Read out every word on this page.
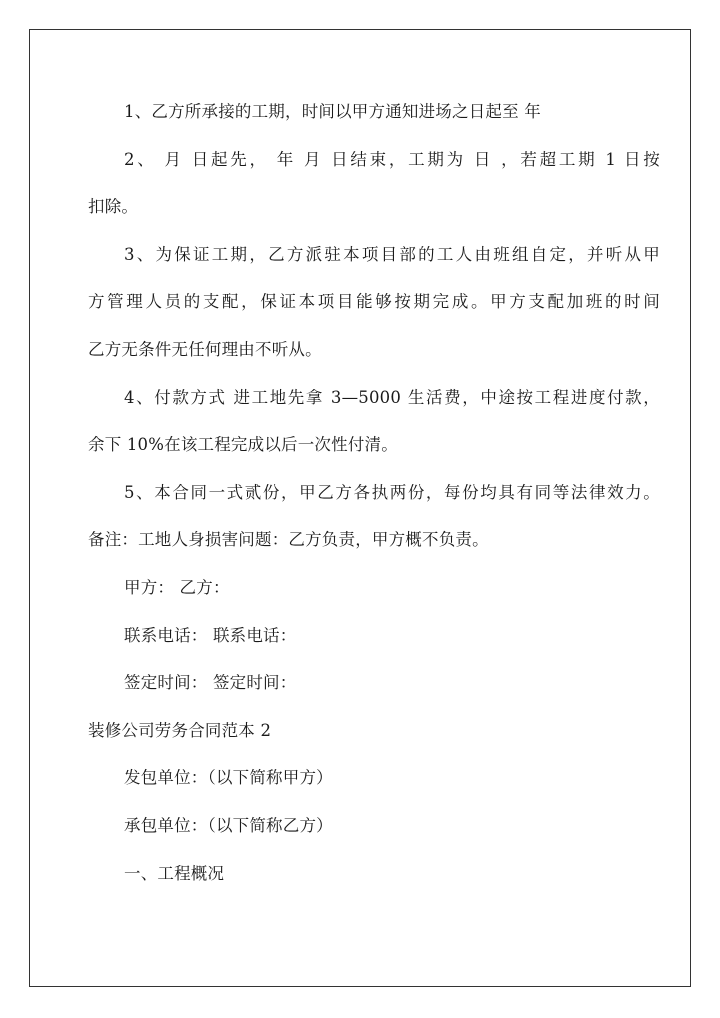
1、乙方所承接的工期，时间以甲方通知进场之日起至 年
2、 月 日起先， 年 月 日结束，工期为 日 ，若超工期 1 日按
扣除。
3、为保证工期，乙方派驻本项目部的工人由班组自定，并听从甲
方管理人员的支配，保证本项目能够按期完成。甲方支配加班的时间
乙方无条件无任何理由不听从。
4、付款方式 进工地先拿 3—5000 生活费，中途按工程进度付款，
余下 10%在该工程完成以后一次性付清。
5、本合同一式贰份，甲乙方各执两份，每份均具有同等法律效力。
备注：工地人身损害问题：乙方负责，甲方概不负责。
甲方： 乙方：
联系电话： 联系电话：
签定时间： 签定时间：
装修公司劳务合同范本 2
发包单位：（以下简称甲方）
承包单位：（以下简称乙方）
一、工程概况
